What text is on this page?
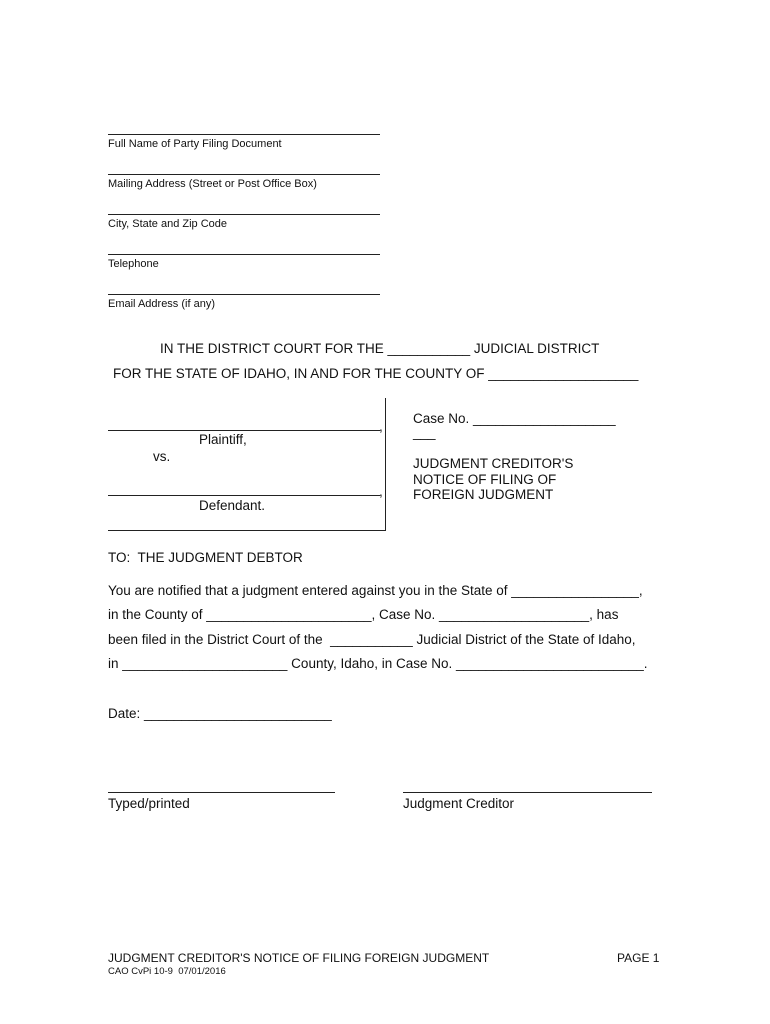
Full Name of Party Filing Document
Mailing Address (Street or Post Office Box)
City, State and Zip Code
Telephone
Email Address (if any)
IN THE DISTRICT COURT FOR THE ___________ JUDICIAL DISTRICT
FOR THE STATE OF IDAHO, IN AND FOR THE COUNTY OF ____________________
,
Plaintiff,
vs.
,
Defendant.
Case No. ___________________
___
JUDGMENT CREDITOR'S
NOTICE OF FILING OF
FOREIGN JUDGMENT
TO:  THE JUDGMENT DEBTOR
You are notified that a judgment entered against you in the State of _________________,
in the County of ______________________, Case No. ____________________, has
been filed in the District Court of the  ___________ Judicial District of the State of Idaho,
in ______________________ County, Idaho, in Case No. _________________________.
Date: _________________________
Typed/printed	Judgment Creditor
JUDGMENT CREDITOR'S NOTICE OF FILING FOREIGN JUDGMENT	PAGE 1
CAO CvPi 10-9  07/01/2016
